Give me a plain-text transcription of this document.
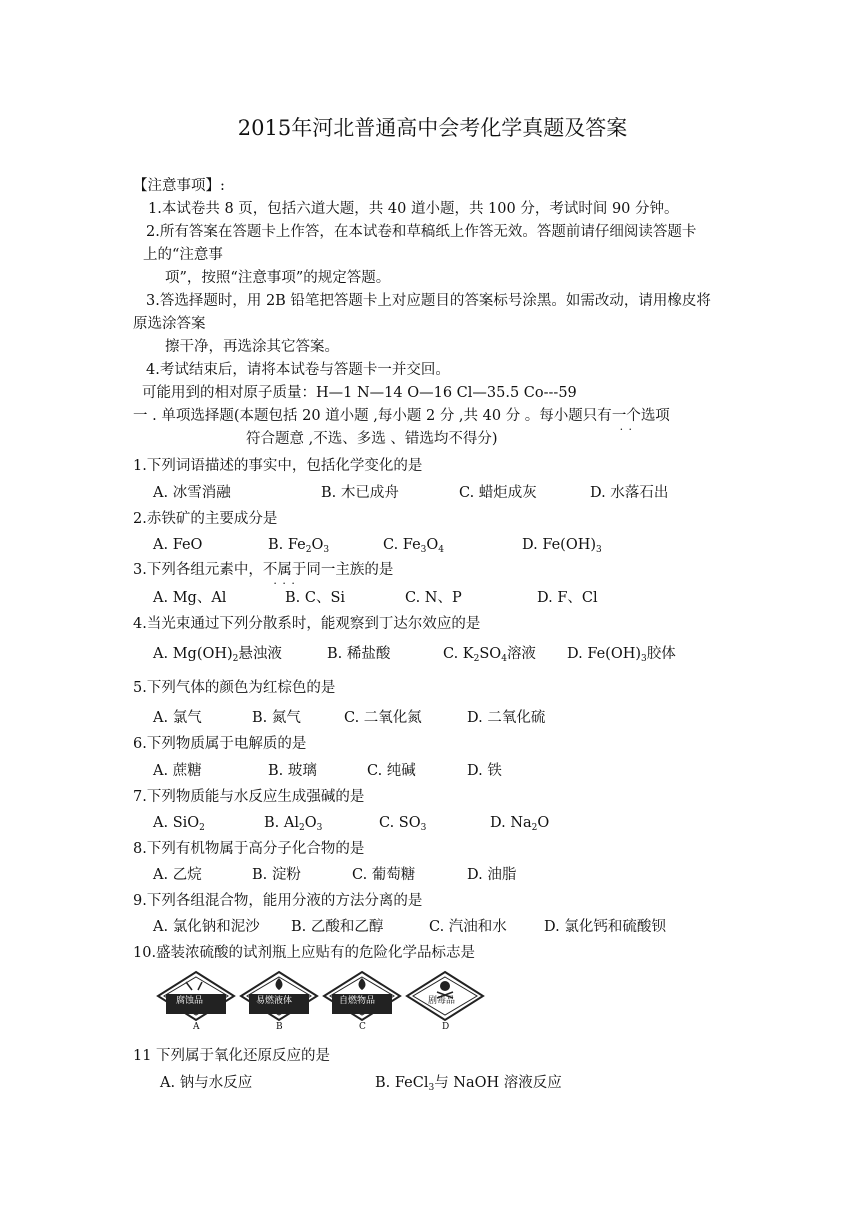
2015年河北普通高中会考化学真题及答案
【注意事项】:
1.本试卷共 8 页，包括六道大题，共 40 道小题，共 100 分，考试时间 90 分钟。
2.所有答案在答题卡上作答，在本试卷和草稿纸上作答无效。答题前请仔细阅读答题卡
上的“注意事
项”，按照“注意事项”的规定答题。
3.答选择题时，用 2B 铅笔把答题卡上对应题目的答案标号涂黑。如需改动，请用橡皮将
原选涂答案
擦干净，再选涂其它答案。
4.考试结束后，请将本试卷与答题卡一并交回。
可能用到的相对原子质量：H—1 N—14 O—16 Cl—35.5 Co---59
一 . 单项选择题(本题包括 20 道小题 ,每小题 2 分 ,共 40 分 。每小题只有一个 · ·选项
符合题意 ,不选、多选 、错选均不得分)
1.下列词语描述的事实中，包括化学变化的是
A. 冰雪消融	B. 木已成舟	C. 蜡炬成灰	D. 水落石出
2.赤铁矿的主要成分是
A. FeO	B. $Fe_2O_3$	C. $Fe_3O_4$	D. $Fe(OH)_3$
3.下列各组元素中，不属于 · · ·同一主族的是
A. Mg、Al	B. C、Si	C. N、P	D. F、Cl
4.当光束通过下列分散系时，能观察到丁达尔效应的是
A. $Mg(OH)_2$悬浊液	B. 稀盐酸	C. $K_2SO_4$溶液 D. $Fe(OH)_3$胶体
5.下列气体的颜色为红棕色的是
A. 氯气	B. 氮气	C. 二氧化氮	D. 二氧化硫
6.下列物质属于电解质的是
A. 蔗糖	B. 玻璃	C. 纯碱	D. 铁
7.下列物质能与水反应生成强碱的是
A. SiO$_2$	B. $Al_2O_3$	C. $SO_3$	D. $Na_2O$
8.下列有机物属于高分子化合物的是
A. 乙烷	B. 淀粉	C. 葡萄糖	D. 油脂
9.下列各组混合物，能用分液的方法分离的是
A. 氯化钠和泥沙 B. 乙酸和乙醇	C. 汽油和水	D. 氯化钙和硫酸钡
10.盛装浓硫酸的试剂瓶上应贴有的危险化学品标志是
腐蚀品	易燃液体	自燃物品	剧毒品
A	B	C	D
11 下列属于氧化还原反应的是
A. 钠与水反应	B. FeCl$_3$与 NaOH 溶液反应
